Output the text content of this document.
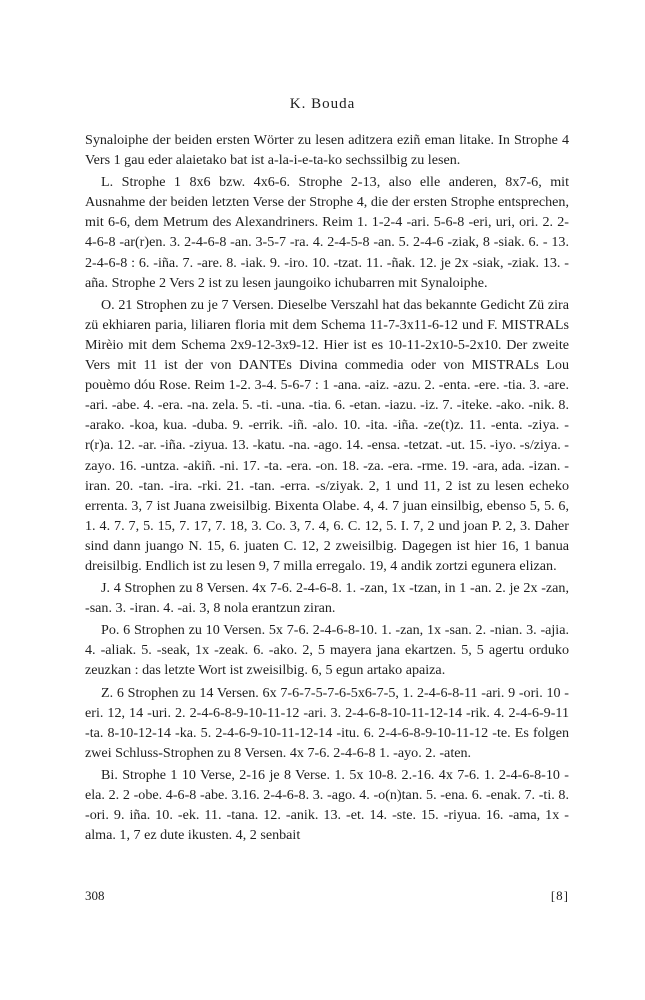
K. Bouda

Synaloiphe der beiden ersten Wörter zu lesen aditzera eziñ eman litake. In Strophe 4 Vers 1 gau eder alaietako bat ist a-la-i-e-ta-ko sechssilbig zu lesen.

L. Strophe 1 8x6 bzw. 4x6-6. Strophe 2-13, also elle anderen, 8x7-6, mit Ausnahme der beiden letzten Verse der Strophe 4, die der ersten Strophe entsprechen, mit 6-6, dem Metrum des Alexandriners. Reim 1. 1-2-4 -ari. 5-6-8 -eri, uri, ori. 2. 2-4-6-8 -ar(r)en. 3. 2-4-6-8 -an. 3-5-7 -ra. 4. 2-4-5-8 -an. 5. 2-4-6 -ziak, 8 -siak. 6. - 13. 2-4-6-8 : 6. -iña. 7. -are. 8. -iak. 9. -iro. 10. -tzat. 11. -ñak. 12. je 2x -siak, -ziak. 13. -aña. Strophe 2 Vers 2 ist zu lesen jaungoiko ichubarren mit Synaloiphe.

O. 21 Strophen zu je 7 Versen. Dieselbe Verszahl hat das bekannte Gedicht Zü zira zü ekhiaren paria, liliaren floria mit dem Schema 11-7-3x11-6-12 und F. MISTRALs Mirèio mit dem Schema 2x9-12-3x9-12. Hier ist es 10-11-2x10-5-2x10. Der zweite Vers mit 11 ist der von DANTEs Divina commedia oder von MISTRALs Lou pouèmo dóu Rose. Reim 1-2. 3-4. 5-6-7 : 1 -ana. -aiz. -azu. 2. -enta. -ere. -tia. 3. -are. -ari. -abe. 4. -era. -na. zela. 5. -ti. -una. -tia. 6. -etan. -iazu. -iz. 7. -iteke. -ako. -nik. 8. -arako. -koa, kua. -duba. 9. -errik. -iñ. -alo. 10. -ita. -iña. -ze(t)z. 11. -enta. -ziya. -r(r)a. 12. -ar. -iña. -ziyua. 13. -katu. -na. -ago. 14. -ensa. -tetzat. -ut. 15. -iyo. -s/ziya. -zayo. 16. -untza. -akiñ. -ni. 17. -ta. -era. -on. 18. -za. -era. -rme. 19. -ara, ada. -izan. -iran. 20. -tan. -ira. -rki. 21. -tan. -erra. -s/ziyak. 2, 1 und 11, 2 ist zu lesen echeko errenta. 3, 7 ist Juana zweisilbig. Bixenta Olabe. 4, 4. 7 juan einsilbig, ebenso 5, 5. 6, 1. 4. 7. 7, 5. 15, 7. 17, 7. 18, 3. Co. 3, 7. 4, 6. C. 12, 5. I. 7, 2 und joan P. 2, 3. Daher sind dann juango N. 15, 6. juaten C. 12, 2 zweisilbig. Dagegen ist hier 16, 1 banua dreisilbig. Endlich ist zu lesen 9, 7 milla erregalo. 19, 4 andik zortzi egunera elizan.

J. 4 Strophen zu 8 Versen. 4x 7-6. 2-4-6-8. 1. -zan, 1x -tzan, in 1 -an. 2. je 2x -zan, -san. 3. -iran. 4. -ai. 3, 8 nola erantzun ziran.

Po. 6 Strophen zu 10 Versen. 5x 7-6. 2-4-6-8-10. 1. -zan, 1x -san. 2. -nian. 3. -ajia. 4. -aliak. 5. -seak, 1x -zeak. 6. -ako. 2, 5 mayera jana ekartzen. 5, 5 agertu orduko zeuzkan : das letzte Wort ist zweisilbig. 6, 5 egun artako apaiza.

Z. 6 Strophen zu 14 Versen. 6x 7-6-7-5-7-6-5x6-7-5, 1. 2-4-6-8-11 -ari. 9 -ori. 10 -eri. 12, 14 -uri. 2. 2-4-6-8-9-10-11-12 -ari. 3. 2-4-6-8-10-11-12-14 -rik. 4. 2-4-6-9-11 -ta. 8-10-12-14 -ka. 5. 2-4-6-9-10-11-12-14 -itu. 6. 2-4-6-8-9-10-11-12 -te. Es folgen zwei Schluss-Strophen zu 8 Versen. 4x 7-6. 2-4-6-8 1. -ayo. 2. -aten.

Bi. Strophe 1 10 Verse, 2-16 je 8 Verse. 1. 5x 10-8. 2.-16. 4x 7-6. 1. 2-4-6-8-10 -ela. 2. 2 -obe. 4-6-8 -abe. 3.16. 2-4-6-8. 3. -ago. 4. -o(n)tan. 5. -ena. 6. -enak. 7. -ti. 8. -ori. 9. iña. 10. -ek. 11. -tana. 12. -anik. 13. -et. 14. -ste. 15. -riyua. 16. -ama, 1x -alma. 1, 7 ez dute ikusten. 4, 2 senbait

308	[8]
